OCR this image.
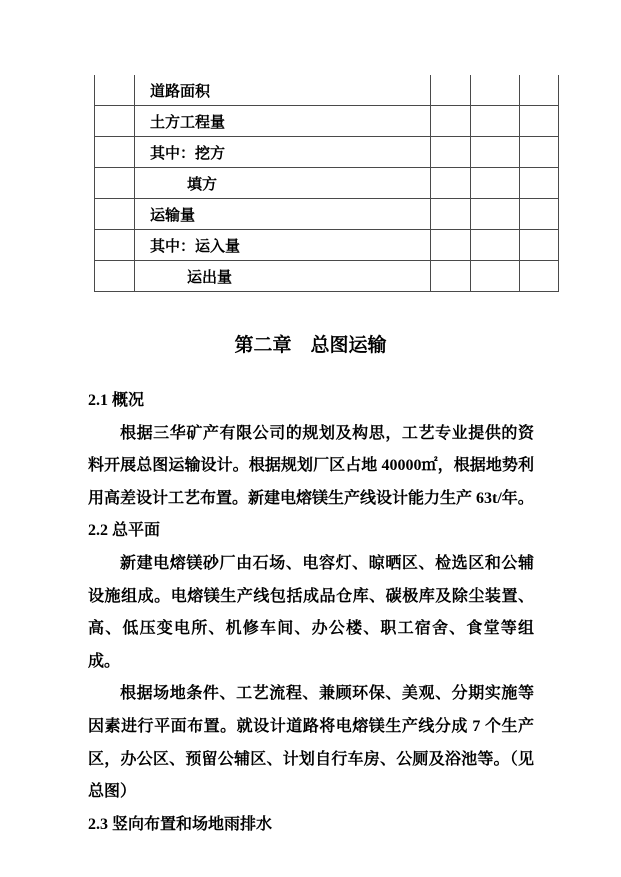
	道路面积			
	土方工程量			
	其中：挖方			
	填方			
	运输量			
	其中：运入量			
	运出量			
第二章　总图运输

2.1 概况

根据三华矿产有限公司的规划及构思，工艺专业提供的资料开展总图运输设计。根据规划厂区占地 40000㎡，根据地势利用高差设计工艺布置。新建电熔镁生产线设计能力生产 63t/年。

2.2 总平面

新建电熔镁砂厂由石场、电容灯、晾晒区、检选区和公辅设施组成。电熔镁生产线包括成品仓库、碳极库及除尘装置、高、低压变电所、机修车间、办公楼、职工宿舍、食堂等组成。

根据场地条件、工艺流程、兼顾环保、美观、分期实施等因素进行平面布置。就设计道路将电熔镁生产线分成 7 个生产区，办公区、预留公辅区、计划自行车房、公厕及浴池等。（见总图）

2.3 竖向布置和场地雨排水
